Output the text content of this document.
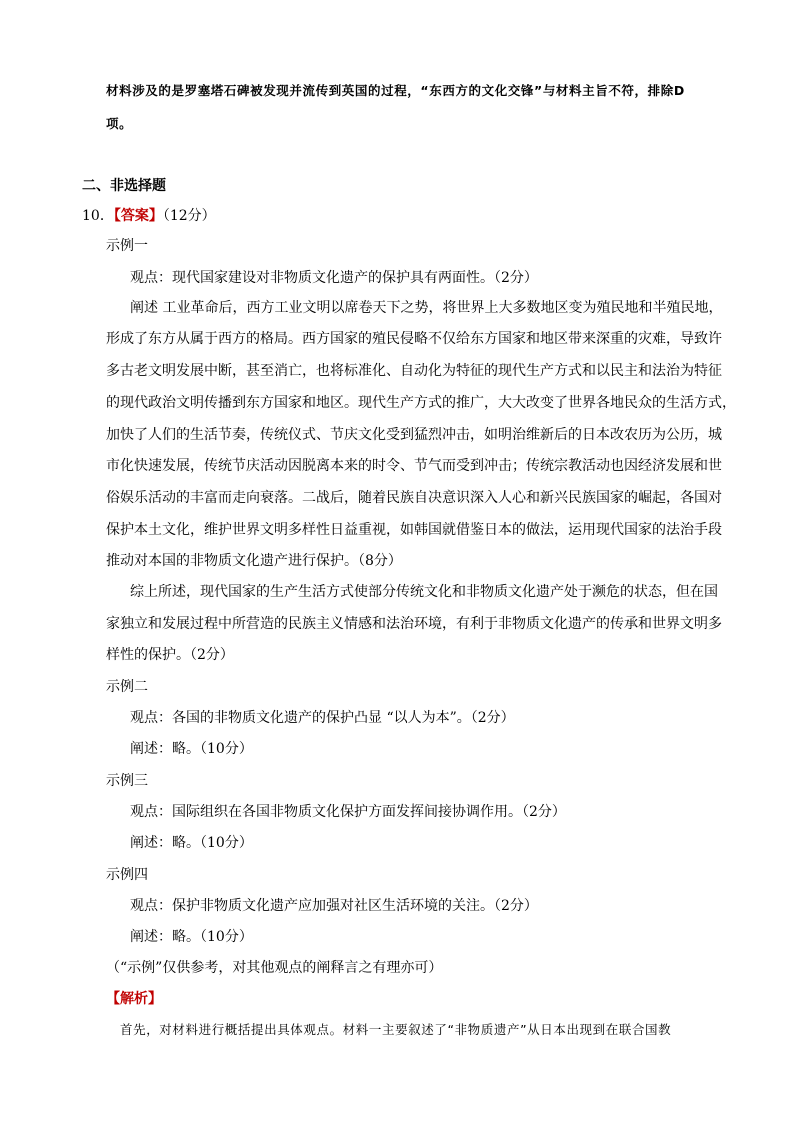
材料涉及的是罗塞塔石碑被发现并流传到英国的过程，“东西方的文化交锋”与材料主旨不符，排除D
项。
二、非选择题
10．【答案】（12分）
示例一
观点：现代国家建设对非物质文化遗产的保护具有两面性。（2分）
阐述 工业革命后，西方工业文明以席卷天下之势，将世界上大多数地区变为殖民地和半殖民地，
形成了东方从属于西方的格局。西方国家的殖民侵略不仅给东方国家和地区带来深重的灾难，导致许
多古老文明发展中断，甚至消亡，也将标准化、自动化为特征的现代生产方式和以民主和法治为特征
的现代政治文明传播到东方国家和地区。现代生产方式的推广，大大改变了世界各地民众的生活方式，
加快了人们的生活节奏，传统仪式、节庆文化受到猛烈冲击，如明治维新后的日本改农历为公历，城
市化快速发展，传统节庆活动因脱离本来的时令、节气而受到冲击；传统宗教活动也因经济发展和世
俗娱乐活动的丰富而走向衰落。二战后，随着民族自决意识深入人心和新兴民族国家的崛起，各国对
保护本土文化，维护世界文明多样性日益重视，如韩国就借鉴日本的做法，运用现代国家的法治手段
推动对本国的非物质文化遗产进行保护。（8分）
综上所述，现代国家的生产生活方式使部分传统文化和非物质文化遗产处于濒危的状态，但在国
家独立和发展过程中所营造的民族主义情感和法治环境，有利于非物质文化遗产的传承和世界文明多
样性的保护。（2分）
示例二
观点：各国的非物质文化遗产的保护凸显 “以人为本”。（2分）
阐述：略。（10分）
示例三
观点：国际组织在各国非物质文化保护方面发挥间接协调作用。（2分）
阐述：略。（10分）
示例四
观点：保护非物质文化遗产应加强对社区生活环境的关注。（2分）
阐述：略。（10分）
（“示例”仅供参考，对其他观点的阐释言之有理亦可）
【解析】
首先，对材料进行概括提出具体观点。材料一主要叙述了“非物质遗产”从日本出现到在联合国教
